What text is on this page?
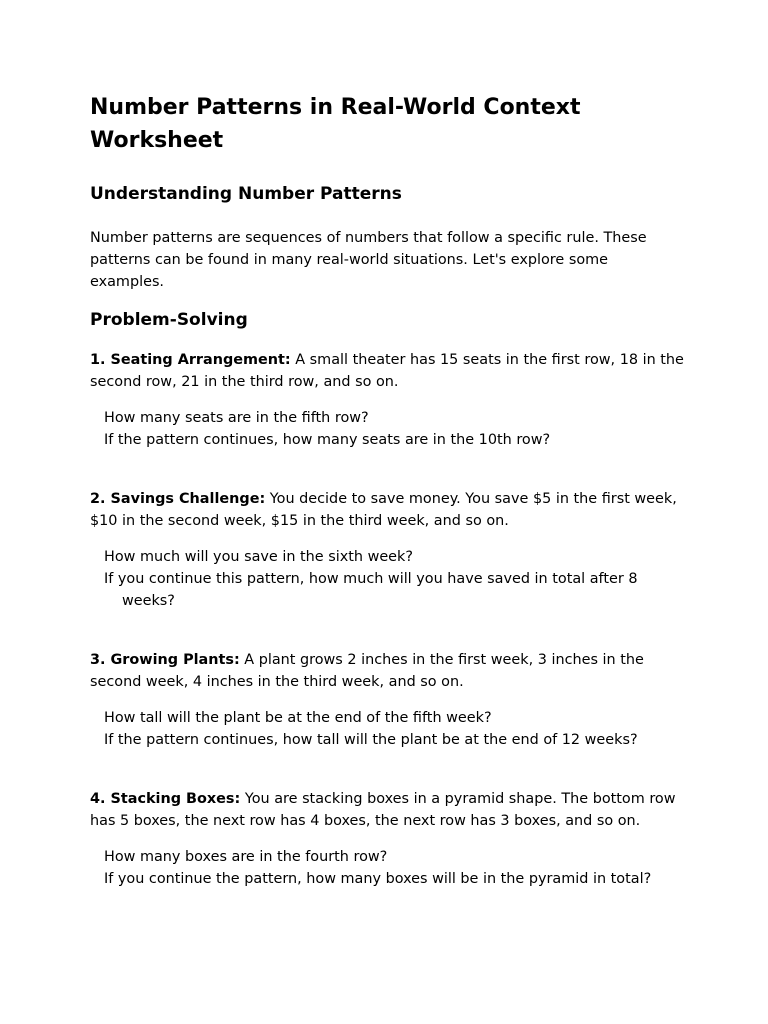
Number Patterns in Real-World Context Worksheet
Understanding Number Patterns

Number patterns are sequences of numbers that follow a specific rule. These patterns can be found in many real-world situations. Let's explore some examples.

Problem-Solving

1. Seating Arrangement: A small theater has 15 seats in the first row, 18 in the second row, 21 in the third row, and so on.

How many seats are in the fifth row?
If the pattern continues, how many seats are in the 10th row?

2. Savings Challenge: You decide to save money. You save $5 in the first week, $10 in the second week, $15 in the third week, and so on.

How much will you save in the sixth week?
If you continue this pattern, how much will you have saved in total after 8 weeks?

3. Growing Plants: A plant grows 2 inches in the first week, 3 inches in the second week, 4 inches in the third week, and so on.

How tall will the plant be at the end of the fifth week?
If the pattern continues, how tall will the plant be at the end of 12 weeks?

4. Stacking Boxes: You are stacking boxes in a pyramid shape. The bottom row has 5 boxes, the next row has 4 boxes, the next row has 3 boxes, and so on.

How many boxes are in the fourth row?
If you continue the pattern, how many boxes will be in the pyramid in total?
